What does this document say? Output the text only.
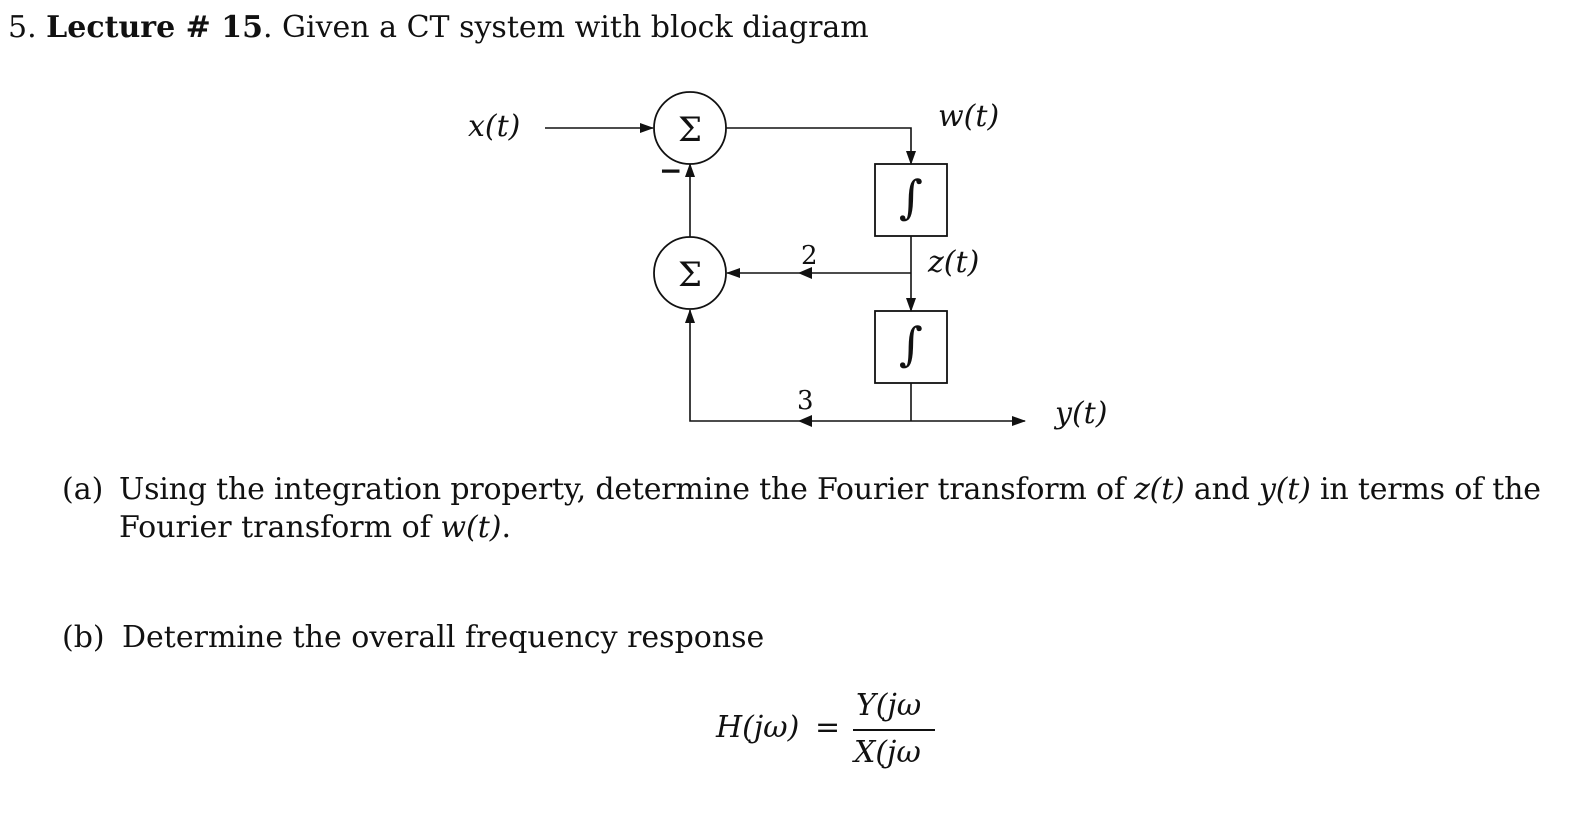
5. Lecture # 15. Given a CT system with block diagram
Σ
∫
∫
Σ
x(t)	w(t)
z(t)
y(t)
−
2
3
(a) Using the integration property, determine the Fourier transform of z(t) and y(t) in terms of the
Fourier transform of w(t).
(b) Determine the overall frequency response
H(jω) =
Y(jω
X(jω
